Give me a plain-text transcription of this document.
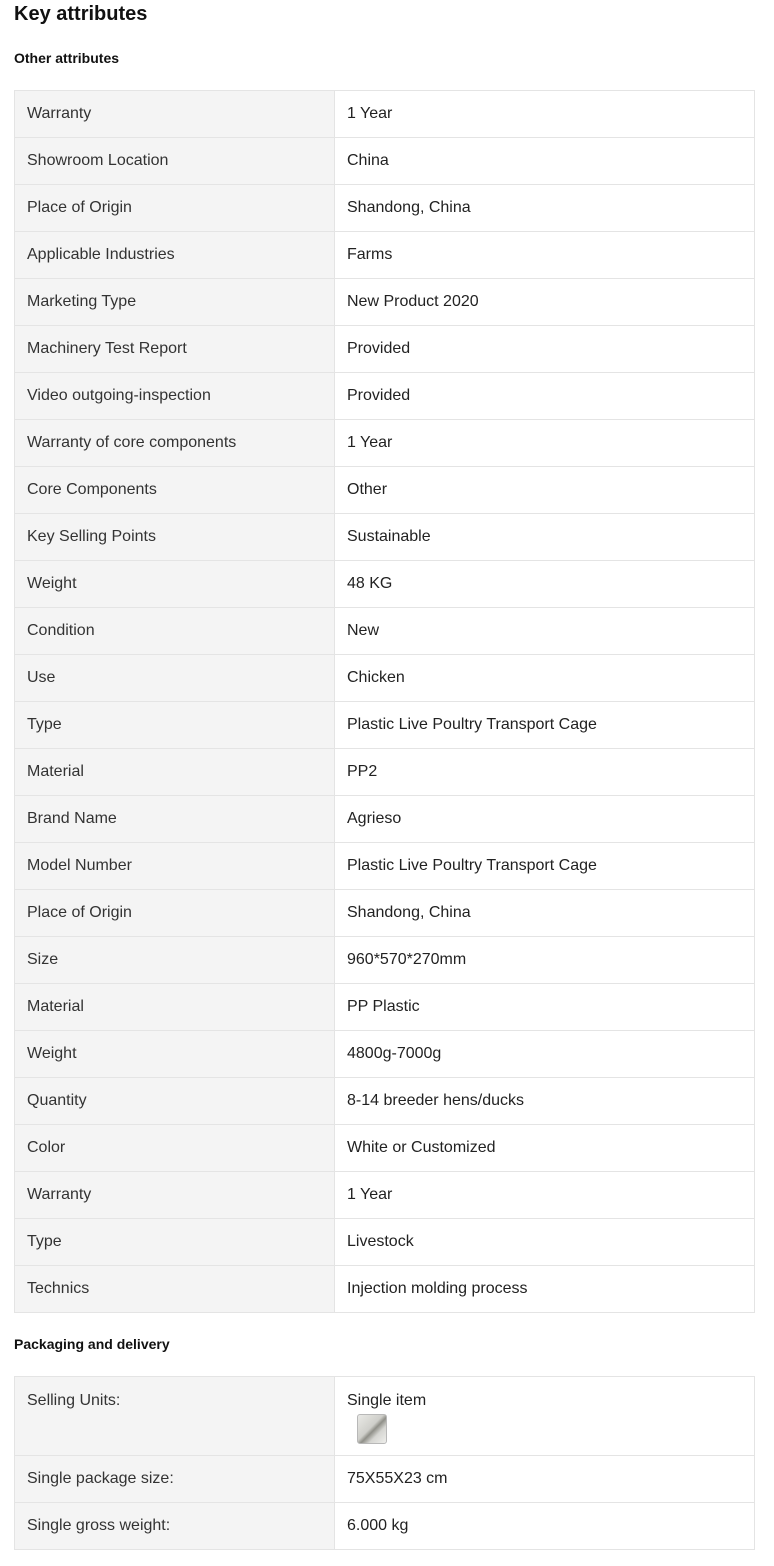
Key attributes
Other attributes
Warranty	1 Year
Showroom Location	China
Place of Origin	Shandong, China
Applicable Industries	Farms
Marketing Type	New Product 2020
Machinery Test Report	Provided
Video outgoing-inspection	Provided
Warranty of core components	1 Year
Core Components	Other
Key Selling Points	Sustainable
Weight	48 KG
Condition	New
Use	Chicken
Type	Plastic Live Poultry Transport Cage
Material	PP2
Brand Name	Agrieso
Model Number	Plastic Live Poultry Transport Cage
Place of Origin	Shandong, China
Size	960*570*270mm
Material	PP Plastic
Weight	4800g-7000g
Quantity	8-14 breeder hens/ducks
Color	White or Customized
Warranty	1 Year
Type	Livestock
Technics	Injection molding process
Packaging and delivery
Selling Units:	Single item

Single package size:	75X55X23 cm
Single gross weight:	6.000 kg
